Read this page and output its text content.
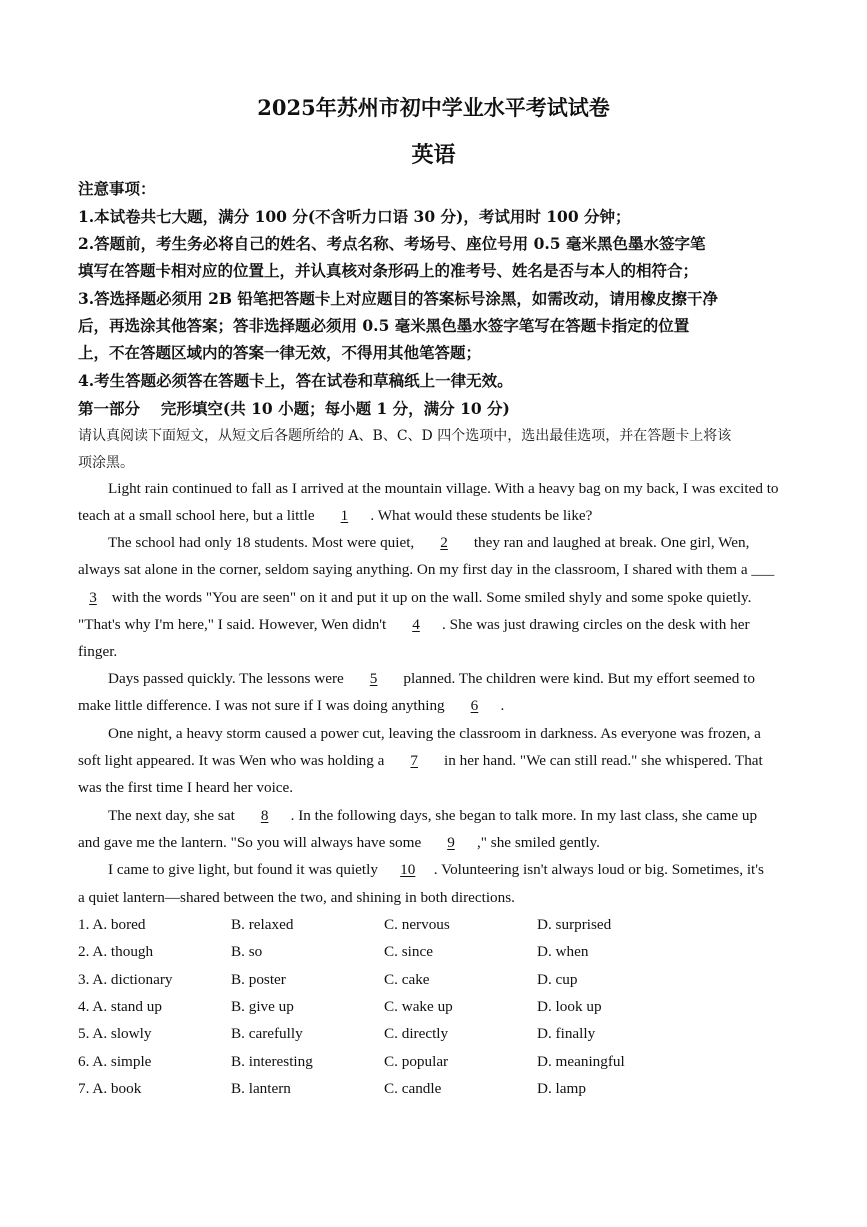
2025年苏州市初中学业水平考试试卷
英语
注意事项：
1.本试卷共七大题，满分 100 分(不含听力口语 30 分)，考试用时 100 分钟；
2.答题前，考生务必将自己的姓名、考点名称、考场号、座位号用 0.5 毫米黑色墨水签字笔
填写在答题卡相对应的位置上，并认真核对条形码上的准考号、姓名是否与本人的相符合；
3.答选择题必须用 2B 铅笔把答题卡上对应题目的答案标号涂黑，如需改动，请用橡皮擦干净
后，再选涂其他答案；答非选择题必须用 0.5 毫米黑色墨水签字笔写在答题卡指定的位置
上，不在答题区域内的答案一律无效，不得用其他笔答题；
4.考生答题必须答在答题卡上，答在试卷和草稿纸上一律无效。
第一部分　 完形填空(共 10 小题；每小题 1 分，满分 10 分)
请认真阅读下面短文，从短文后各题所给的 A、B、C、D 四个选项中，选出最佳选项，并在答题卡上将该
项涂黑。
Light rain continued to fall as I arrived at the mountain village. With a heavy bag on my back, I was excited to
teach at a small school here, but a little 1 . What would these students be like?
The school had only 18 students. Most were quiet, 2 they ran and laughed at break. One girl, Wen,
always sat alone in the corner, seldom saying anything. On my first day in the classroom, I shared with them a ___
3 with the words "You are seen" on it and put it up on the wall. Some smiled shyly and some spoke quietly.
"That's why I'm here," I said. However, Wen didn't 4 . She was just drawing circles on the desk with her
finger.
Days passed quickly. The lessons were 5 planned. The children were kind. But my effort seemed to
make little difference. I was not sure if I was doing anything 6 .
One night, a heavy storm caused a power cut, leaving the classroom in darkness. As everyone was frozen, a
soft light appeared. It was Wen who was holding a 7 in her hand. "We can still read." she whispered. That
was the first time I heard her voice.
The next day, she sat 8 . In the following days, she began to talk more. In my last class, she came up
and gave me the lantern. "So you will always have some 9 ," she smiled gently.
I came to give light, but found it was quietly 10 . Volunteering isn't always loud or big. Sometimes, it's
a quiet lantern—shared between the two, and shining in both directions.
1. A. bored	B. relaxed	C. nervous	D. surprised
2. A. though	B. so	C. since	D. when
3. A. dictionary	B. poster	C. cake	D. cup
4. A. stand up	B. give up	C. wake up	D. look up
5. A. slowly	B. carefully	C. directly	D. finally
6. A. simple	B. interesting	C. popular	D. meaningful
7. A. book	B. lantern	C. candle	D. lamp
